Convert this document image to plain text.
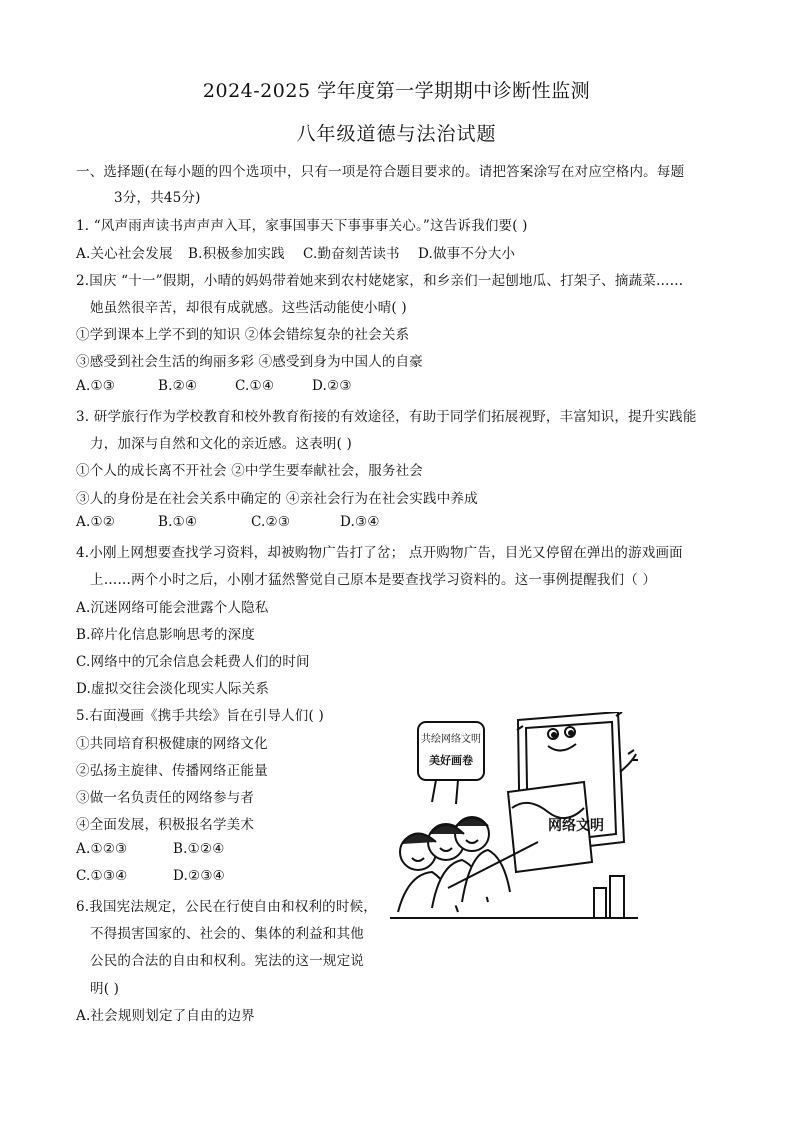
2024-2025 学年度第一学期期中诊断性监测
八年级道德与法治试题
一、选择题(在每小题的四个选项中，只有一项是符合题目要求的。请把答案涂写在对应空格内。每题
3分，共45分)
1. “风声雨声读书声声声入耳，家事国事天下事事事关心。”这告诉我们要( )
A.关心社会发展 B.积极参加实践 C.勤奋刻苦读书 D.做事不分大小
2.国庆 “十一”假期，小晴的妈妈带着她来到农村姥姥家，和乡亲们一起刨地瓜、打架子、摘蔬菜……
她虽然很辛苦，却很有成就感。这些活动能使小晴( )
①学到课本上学不到的知识 ②体会错综复杂的社会关系
③感受到社会生活的绚丽多彩 ④感受到身为中国人的自豪
A.①③	B.②④	C.①④	D.②③
3. 研学旅行作为学校教育和校外教育衔接的有效途径，有助于同学们拓展视野，丰富知识，提升实践能
力，加深与自然和文化的亲近感。这表明( )
①个人的成长离不开社会 ②中学生要奉献社会，服务社会
③人的身份是在社会关系中确定的 ④亲社会行为在社会实践中养成
A.①②	B.①④	C.②③	D.③④
4.小刚上网想要查找学习资料，却被购物广告打了岔； 点开购物广告，目光又停留在弹出的游戏画面
上……两个小时之后，小刚才猛然警觉自己原本是要查找学习资料的。这一事例提醒我们（ ）
A.沉迷网络可能会泄露个人隐私
B.碎片化信息影响思考的深度
C.网络中的冗余信息会耗费人们的时间
D.虚拟交往会淡化现实人际关系
5.右面漫画《携手共绘》旨在引导人们( )
①共同培育积极健康的网络文化
②弘扬主旋律、传播网络正能量
③做一名负责任的网络参与者
④全面发展，积极报名学美术
A.①②③	B.①②④
C.①③④	D.②③④
6.我国宪法规定，公民在行使自由和权利的时候，
不得损害国家的、社会的、集体的利益和其他
公民的合法的自由和权利。宪法的这一规定说
明( )
A.社会规则划定了自由的边界
共绘网络文明
美好画卷
网络文明
